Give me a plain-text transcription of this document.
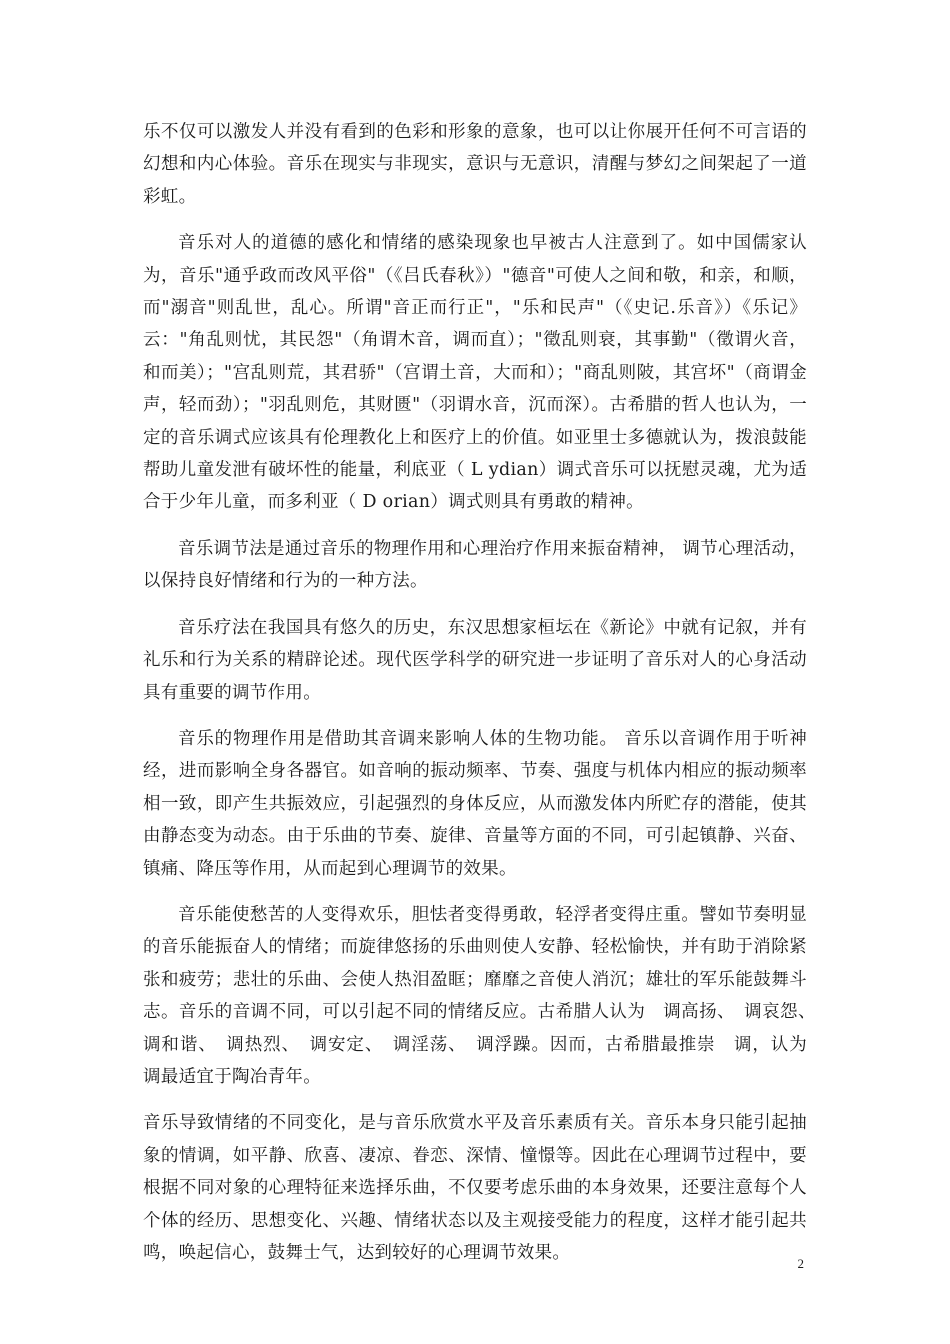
乐不仅可以激发人并没有看到的色彩和形象的意象，也可以让你展开任何不可言语的幻想和内心体验。音乐在现实与非现实，意识与无意识，清醒与梦幻之间架起了一道彩虹。

音乐对人的道德的感化和情绪的感染现象也早被古人注意到了。如中国儒家认为，音乐"通乎政而改风平俗"（《吕氏春秋》）"德音"可使人之间和敬，和亲，和顺，而"溺音"则乱世，乱心。所谓"音正而行正"，"乐和民声"（《史记.乐音》）《乐记》云："角乱则忧，其民怨"（角谓木音，调而直）；"徵乱则衰，其事勤"（徵谓火音，和而美）；"宫乱则荒，其君骄"（宫谓土音，大而和）；"商乱则陂，其宫坏"（商谓金声，轻而劲）；"羽乱则危，其财匮"（羽谓水音，沉而深）。古希腊的哲人也认为，一定的音乐调式应该具有伦理教化上和医疗上的价值。如亚里士多德就认为，拨浪鼓能帮助儿童发泄有破坏性的能量，利底亚（ L ydian）调式音乐可以抚慰灵魂，尤为适合于少年儿童，而多利亚（ D orian）调式则具有勇敢的精神。

音乐调节法是通过音乐的物理作用和心理治疗作用来振奋精神， 调节心理活动，以保持良好情绪和行为的一种方法。

音乐疗法在我国具有悠久的历史，东汉思想家桓坛在《新论》中就有记叙，并有礼乐和行为关系的精辟论述。现代医学科学的研究进一步证明了音乐对人的心身活动具有重要的调节作用。

音乐的物理作用是借助其音调来影响人体的生物功能。 音乐以音调作用于听神经，进而影响全身各器官。如音响的振动频率、节奏、强度与机体内相应的振动频率相一致，即产生共振效应，引起强烈的身体反应，从而激发体内所贮存的潜能，使其由静态变为动态。由于乐曲的节奏、旋律、音量等方面的不同，可引起镇静、兴奋、镇痛、降压等作用，从而起到心理调节的效果。

音乐能使愁苦的人变得欢乐，胆怯者变得勇敢，轻浮者变得庄重。譬如节奏明显的音乐能振奋人的情绪；而旋律悠扬的乐曲则使人安静、轻松愉快，并有助于消除紧张和疲劳；悲壮的乐曲、会使人热泪盈眶；靡靡之音使人消沉；雄壮的军乐能鼓舞斗志。音乐的音调不同，可以引起不同的情绪反应。古希腊人认为　调高扬、　调哀怨、　调和谐、　调热烈、　调安定、　调淫荡、　调浮躁。因而，古希腊最推崇　调，认为　调最适宜于陶冶青年。

音乐导致情绪的不同变化，是与音乐欣赏水平及音乐素质有关。音乐本身只能引起抽象的情调，如平静、欣喜、凄凉、眷恋、深情、憧憬等。因此在心理调节过程中，要根据不同对象的心理特征来选择乐曲，不仅要考虑乐曲的本身效果，还要注意每个人个体的经历、思想变化、兴趣、情绪状态以及主观接受能力的程度，这样才能引起共鸣，唤起信心，鼓舞士气，达到较好的心理调节效果。

2
